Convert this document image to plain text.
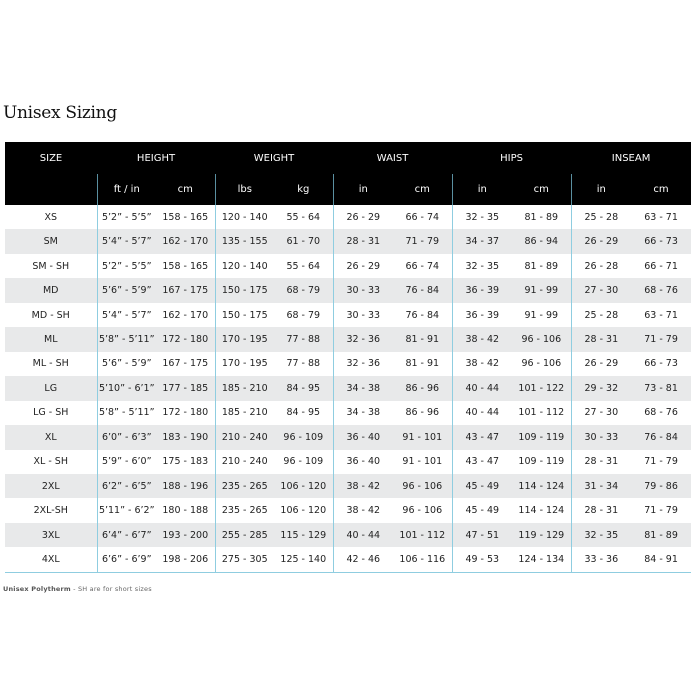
Unisex Sizing
SIZE	HEIGHT		WEIGHT		WAIST		HIPS		INSEAM	
	ft / in	cm	lbs	kg	in	cm	in	cm	in	cm
XS	5’2” - 5’5”	158 - 165	120 - 140	55 - 64	26 - 29	66 - 74	32 - 35	81 - 89	25 - 28	63 - 71
SM	5’4” - 5’7”	162 - 170	135 - 155	61 - 70	28 - 31	71 - 79	34 - 37	86 - 94	26 - 29	66 - 73
SM - SH	5’2” - 5’5”	158 - 165	120 - 140	55 - 64	26 - 29	66 - 74	32 - 35	81 - 89	26 - 28	66 - 71
MD	5’6” - 5’9”	167 - 175	150 - 175	68 - 79	30 - 33	76 - 84	36 - 39	91 - 99	27 - 30	68 - 76
MD - SH	5’4” - 5’7”	162 - 170	150 - 175	68 - 79	30 - 33	76 - 84	36 - 39	91 - 99	25 - 28	63 - 71
ML	5’8” - 5’11”	172 - 180	170 - 195	77 - 88	32 - 36	81 - 91	38 - 42	96 - 106	28 - 31	71 - 79
ML - SH	5’6” - 5’9”	167 - 175	170 - 195	77 - 88	32 - 36	81 - 91	38 - 42	96 - 106	26 - 29	66 - 73
LG	5’10” - 6’1”	177 - 185	185 - 210	84 - 95	34 - 38	86 - 96	40 - 44	101 - 122	29 - 32	73 - 81
LG - SH	5’8” - 5’11”	172 - 180	185 - 210	84 - 95	34 - 38	86 - 96	40 - 44	101 - 112	27 - 30	68 - 76
XL	6’0” - 6’3”	183 - 190	210 - 240	96 - 109	36 - 40	91 - 101	43 - 47	109 - 119	30 - 33	76 - 84
XL - SH	5’9” - 6’0”	175 - 183	210 - 240	96 - 109	36 - 40	91 - 101	43 - 47	109 - 119	28 - 31	71 - 79
2XL	6’2” - 6’5”	188 - 196	235 - 265	106 - 120	38 - 42	96 - 106	45 - 49	114 - 124	31 - 34	79 - 86
2XL-SH	5’11” - 6’2”	180 - 188	235 - 265	106 - 120	38 - 42	96 - 106	45 - 49	114 - 124	28 - 31	71 - 79
3XL	6’4” - 6’7”	193 - 200	255 - 285	115 - 129	40 - 44	101 - 112	47 - 51	119 - 129	32 - 35	81 - 89
4XL	6’6” - 6’9”	198 - 206	275 - 305	125 - 140	42 - 46	106 - 116	49 - 53	124 - 134	33 - 36	84 - 91
Unisex Polytherm - SH are for short sizes
